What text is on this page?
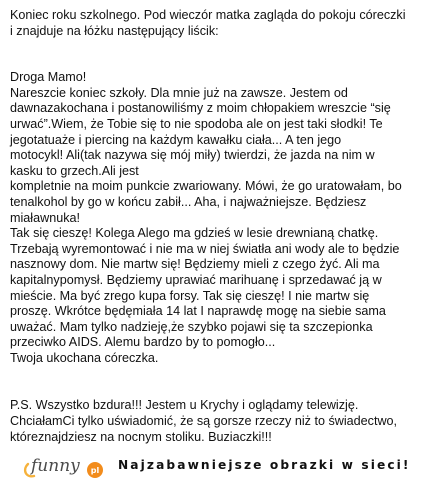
Koniec roku szkolnego. Pod wieczór matka zagląda do pokoju córeczki
i znajduje na łóżku następujący liścik:
Droga Mamo!
Nareszcie koniec szkoły. Dla mnie już na zawsze. Jestem od
dawnazakochana i postanowiliśmy z moim chłopakiem wreszcie “się
urwać”.Wiem, że Tobie się to nie spodoba ale on jest taki słodki! Te
jegotatuaże i piercing na każdym kawałku ciała... A ten jego
motocykl! Ali(tak nazywa się mój miły) twierdzi, że jazda na nim w
kasku to grzech.Ali jest
kompletnie na moim punkcie zwariowany. Mówi, że go uratowałam, bo
tenalkohol by go w końcu zabił... Aha, i najważniejsze. Będziesz
miaławnuka!
Tak się cieszę! Kolega Alego ma gdzieś w lesie drewnianą chatkę.
Trzebają wyremontować i nie ma w niej światła ani wody ale to będzie
nasznowy dom. Nie martw się! Będziemy mieli z czego żyć. Ali ma
kapitalnypomysł. Będziemy uprawiać marihuanę i sprzedawać ją w
mieście. Ma być zrego kupa forsy. Tak się cieszę! I nie martw się
proszę. Wkrótce będęmiała 14 lat I naprawdę mogę na siebie sama
uważać. Mam tylko nadzieję,że szybko pojawi się ta szczepionka
przeciwko AIDS. Alemu bardzo by to pomogło...
Twoja ukochana córeczka.
P.S. Wszystko bzdura!!! Jestem u Krychy i oglądamy telewizję.
ChciałamCi tylko uświadomić, że są gorsze rzeczy niż to świadectwo,
któreznajdziesz na nocnym stoliku. Buziaczki!!!
funny pl Najzabawniejsze obrazki w sieci!
